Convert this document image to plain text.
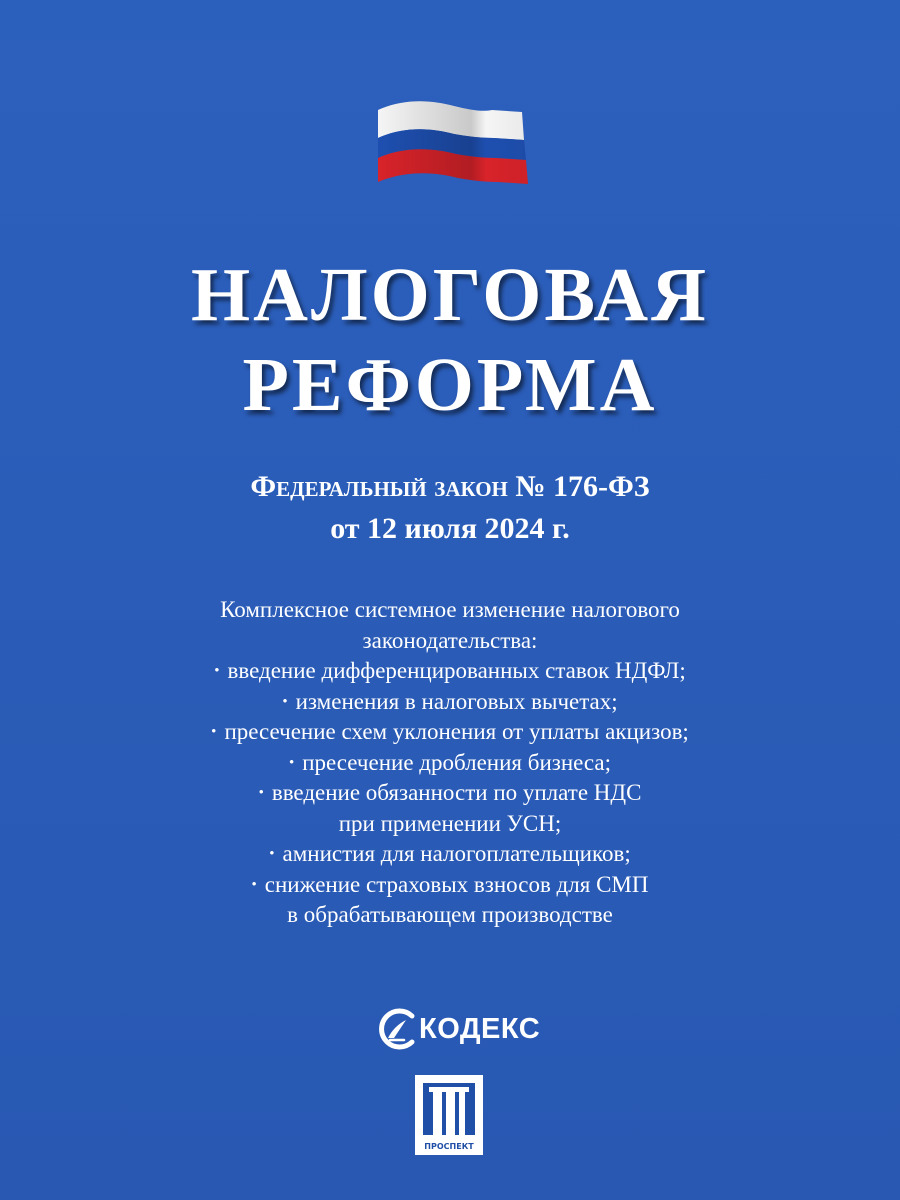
НАЛОГОВАЯ
РЕФОРМА

Федеральный закон № 176-ФЗ

от 12 июля 2024 г.

Комплексное системное изменение налогового
законодательства:
• введение дифференцированных ставок НДФЛ;
• изменения в налоговых вычетах;
• пресечение схем уклонения от уплаты акцизов;
• пресечение дробления бизнеса;
• введение обязанности по уплате НДС
при применении УСН;
• амнистия для налогоплательщиков;
• снижение страховых взносов для СМП
в обрабатывающем производстве
КОДЕКС
ПРОСПЕКТ
